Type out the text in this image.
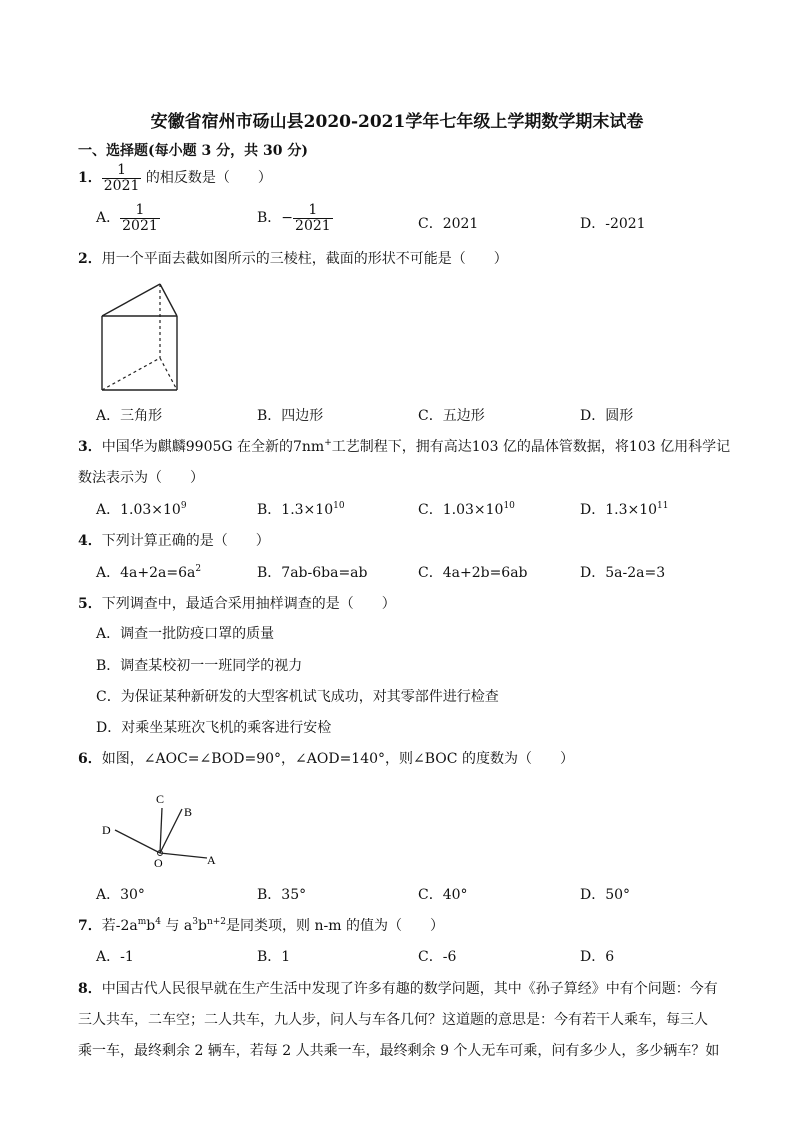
安徽省宿州市砀山县2020-2021学年七年级上学期数学期末试卷
一、选择题(每小题 3 分，共 30 分)
1． $\frac{1}{2021}$ 的相反数是（　　）
A． $\frac{1}{2021}$	B．− $\frac{1}{2021}$	C．2021	D．-2021
2．用一个平面去截如图所示的三棱柱，截面的形状不可能是（　　）
A．三角形	B．四边形	C．五边形	D．圆形
3．中国华为麒麟9905G 在全新的7nm+工艺制程下，拥有高达103 亿的晶体管数据，将103 亿用科学记
数法表示为（　　）
A．$1.03\times 10^9$	B．$1.3\times 10^{10}$	C．$1.03\times 10^{10}$	D．$1.3\times 10^{11}$
4．下列计算正确的是（　　）
A．$4a+2a=6a^2$	B．7ab-6ba=ab	C．4a+2b=6ab	D．5a-2a=3
5．下列调查中，最适合采用抽样调查的是（　　）
A．调查一批防疫口罩的质量
B．调查某校初一一班同学的视力
C．为保证某种新研发的大型客机试飞成功，对其零部件进行检查
D．对乘坐某班次飞机的乘客进行安检
6．如图，∠AOC=∠BOD=90°，∠AOD=140°，则∠BOC 的度数为（　　）
C
B
D
O	A
A．30°	B．35°	C．40°	D．50°
7．若$-2a^mb^4$ 与 $a^3b^{n+2}$是同类项，则 n-m 的值为（　　）
A．-1	B．1	C．-6	D．6
8．中国古代人民很早就在生产生活中发现了许多有趣的数学问题，其中《孙子算经》中有个问题：今有
三人共车，二车空；二人共车，九人步，问人与车各几何？这道题的意思是：今有若干人乘车，每三人
乘一车，最终剩余 2 辆车，若每 2 人共乘一车，最终剩余 9 个人无车可乘，问有多少人，多少辆车？如
